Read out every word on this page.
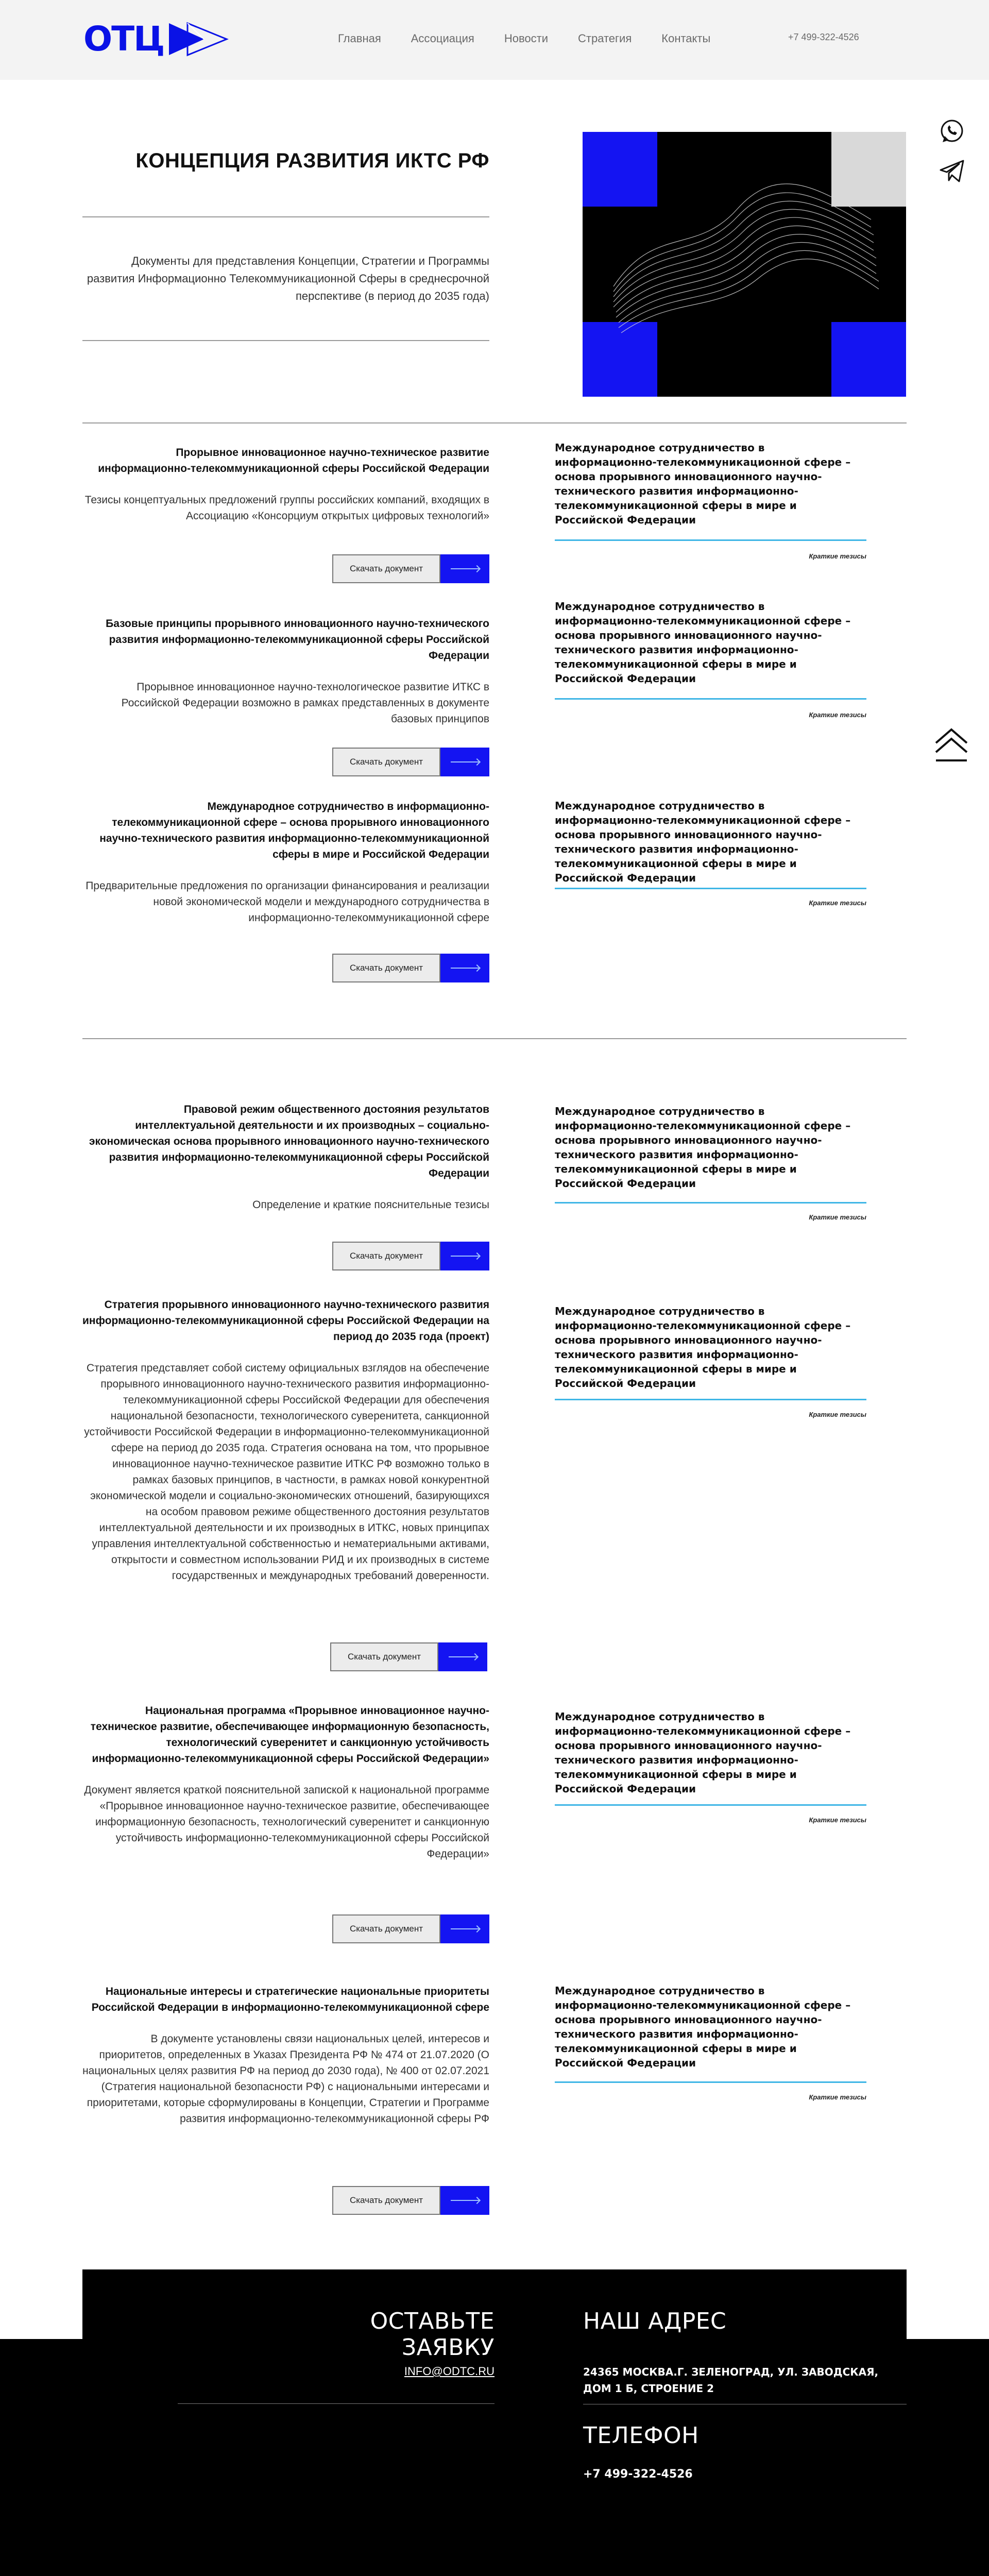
ОТЦ	Главная	Ассоциация	Новости	Стратегия	Контакты	+7 499-322-4526
КОНЦЕПЦИЯ РАЗВИТИЯ ИКТС РФ

Документы для представления Концепции, Стратегии и Программы развития Информационно Телекоммуникационной Сферы в среднесрочной перспективе (в период до 2035 года)

Прорывное инновационное научно-техническое развитие информационно-телекоммуникационной сферы Российской Федерации
Тезисы концептуальных предложений группы российских компаний, входящих в Ассоциацию «Консорциум открытых цифровых технологий»
Скачать документ
Международное сотрудничество в информационно-телекоммуникационной сфере – основа прорывного инновационного научно-технического развития информационно-телекоммуникационной сферы в мире и Российской Федерации
Краткие тезисы
Базовые принципы прорывного инновационного научно-технического развития информационно-телекоммуникационной сферы Российской Федерации
Прорывное инновационное научно-технологическое развитие ИТКС в Российской Федерации возможно в рамках представленных в документе базовых принципов
Скачать документ
Международное сотрудничество в информационно-телекоммуникационной сфере – основа прорывного инновационного научно-технического развития информационно-телекоммуникационной сферы в мире и Российской Федерации
Краткие тезисы
Международное сотрудничество в информационно-телекоммуникационной сфере – основа прорывного инновационного научно-технического развития информационно-телекоммуникационной сферы в мире и Российской Федерации
Предварительные предложения по организации финансирования и реализации новой экономической модели и международного сотрудничества в информационно-телекоммуникационной сфере
Скачать документ
Международное сотрудничество в информационно-телекоммуникационной сфере – основа прорывного инновационного научно-технического развития информационно-телекоммуникационной сферы в мире и Российской Федерации
Краткие тезисы
Правовой режим общественного достояния результатов интеллектуальной деятельности и их производных – социально-экономическая основа прорывного инновационного научно-технического развития информационно-телекоммуникационной сферы Российской Федерации
Определение и краткие пояснительные тезисы
Скачать документ
Международное сотрудничество в информационно-телекоммуникационной сфере – основа прорывного инновационного научно-технического развития информационно-телекоммуникационной сферы в мире и Российской Федерации
Краткие тезисы
Стратегия прорывного инновационного научно-технического развития информационно-телекоммуникационной сферы Российской Федерации на период до 2035 года (проект)
Стратегия представляет собой систему официальных взглядов на обеспечение прорывного инновационного научно-технического развития информационно-телекоммуникационной сферы Российской Федерации для обеспечения национальной безопасности, технологического суверенитета, санкционной устойчивости Российской Федерации в информационно-телекоммуникационной сфере на период до 2035 года. Стратегия основана на том, что прорывное инновационное научно-техническое развитие ИТКС РФ возможно только в рамках базовых принципов, в частности, в рамках новой конкурентной экономической модели и социально-экономических отношений, базирующихся на особом правовом режиме общественного достояния результатов интеллектуальной деятельности и их производных в ИТКС, новых принципах управления интеллектуальной собственностью и нематериальными активами, открытости и совместном использовании РИД и их производных в системе государственных и международных требований доверенности.
Скачать документ
Международное сотрудничество в информационно-телекоммуникационной сфере – основа прорывного инновационного научно-технического развития информационно-телекоммуникационной сферы в мире и Российской Федерации
Краткие тезисы
Национальная программа «Прорывное инновационное научно-техническое развитие, обеспечивающее информационную безопасность, технологический суверенитет и санкционную устойчивость информационно-телекоммуникационной сферы Российской Федерации»
Документ является краткой пояснительной запиской к национальной программе «Прорывное инновационное научно-техническое развитие, обеспечивающее информационную безопасность, технологический суверенитет и санкционную устойчивость информационно-телекоммуникационной сферы Российской Федерации»
Скачать документ
Международное сотрудничество в информационно-телекоммуникационной сфере – основа прорывного инновационного научно-технического развития информационно-телекоммуникационной сферы в мире и Российской Федерации
Краткие тезисы
Национальные интересы и стратегические национальные приоритеты Российской Федерации в информационно-телекоммуникационной сфере
В документе установлены связи национальных целей, интересов и приоритетов, определенных в Указах Президента РФ № 474 от 21.07.2020 (О национальных целях развития РФ на период до 2030 года), № 400 от 02.07.2021 (Стратегия национальной безопасности РФ) с национальными интересами и приоритетами, которые сформулированы в Концепции, Стратегии и Программе развития информационно-телекоммуникационной сферы РФ
Скачать документ
Международное сотрудничество в информационно-телекоммуникационной сфере – основа прорывного инновационного научно-технического развития информационно-телекоммуникационной сферы в мире и Российской Федерации
Краткие тезисы
ОСТАВЬТЕ ЗАЯВКУ
INFO@ODTC.RU
НАШ АДРЕС
24365 МОСКВА.Г. ЗЕЛЕНОГРАД, УЛ. ЗАВОДСКАЯ, ДОМ 1 Б, СТРОЕНИЕ 2
ТЕЛЕФОН
+7 499-322-4526
